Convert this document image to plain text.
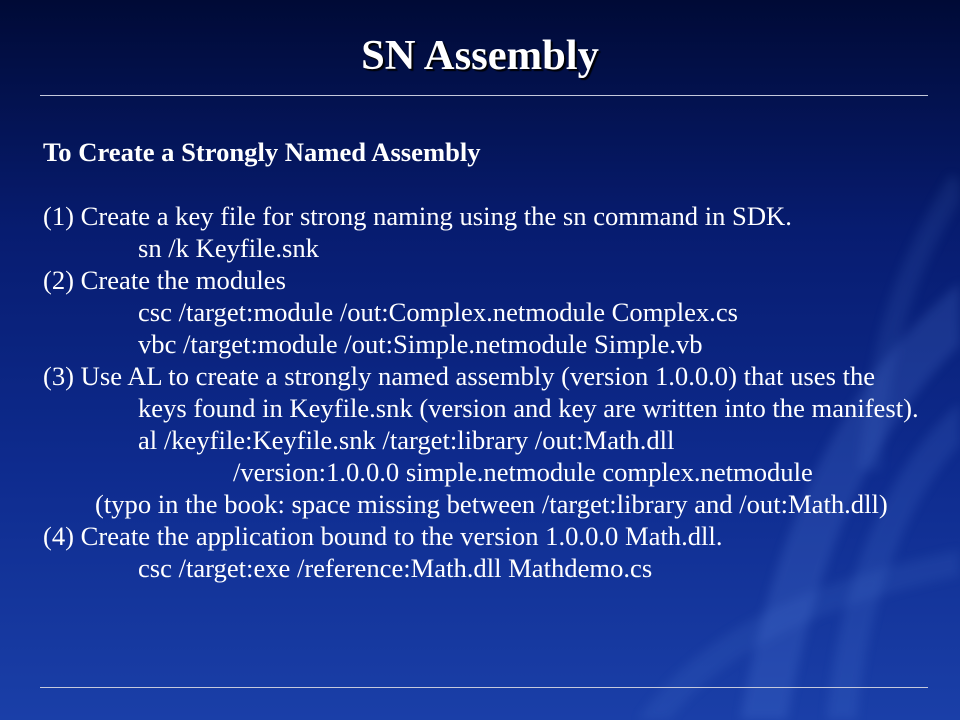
SN Assembly
To Create a Strongly Named Assembly
(1) Create a key file for strong naming using the sn command in SDK.
sn /k Keyfile.snk
(2) Create the modules
csc /target:module /out:Complex.netmodule Complex.cs
vbc /target:module /out:Simple.netmodule Simple.vb
(3) Use AL to create a strongly named assembly (version 1.0.0.0) that uses the
keys found in Keyfile.snk (version and key are written into the manifest).
al /keyfile:Keyfile.snk /target:library /out:Math.dll
/version:1.0.0.0 simple.netmodule complex.netmodule
(typo in the book: space missing between /target:library and /out:Math.dll)
(4) Create the application bound to the version 1.0.0.0 Math.dll.
csc /target:exe /reference:Math.dll Mathdemo.cs
